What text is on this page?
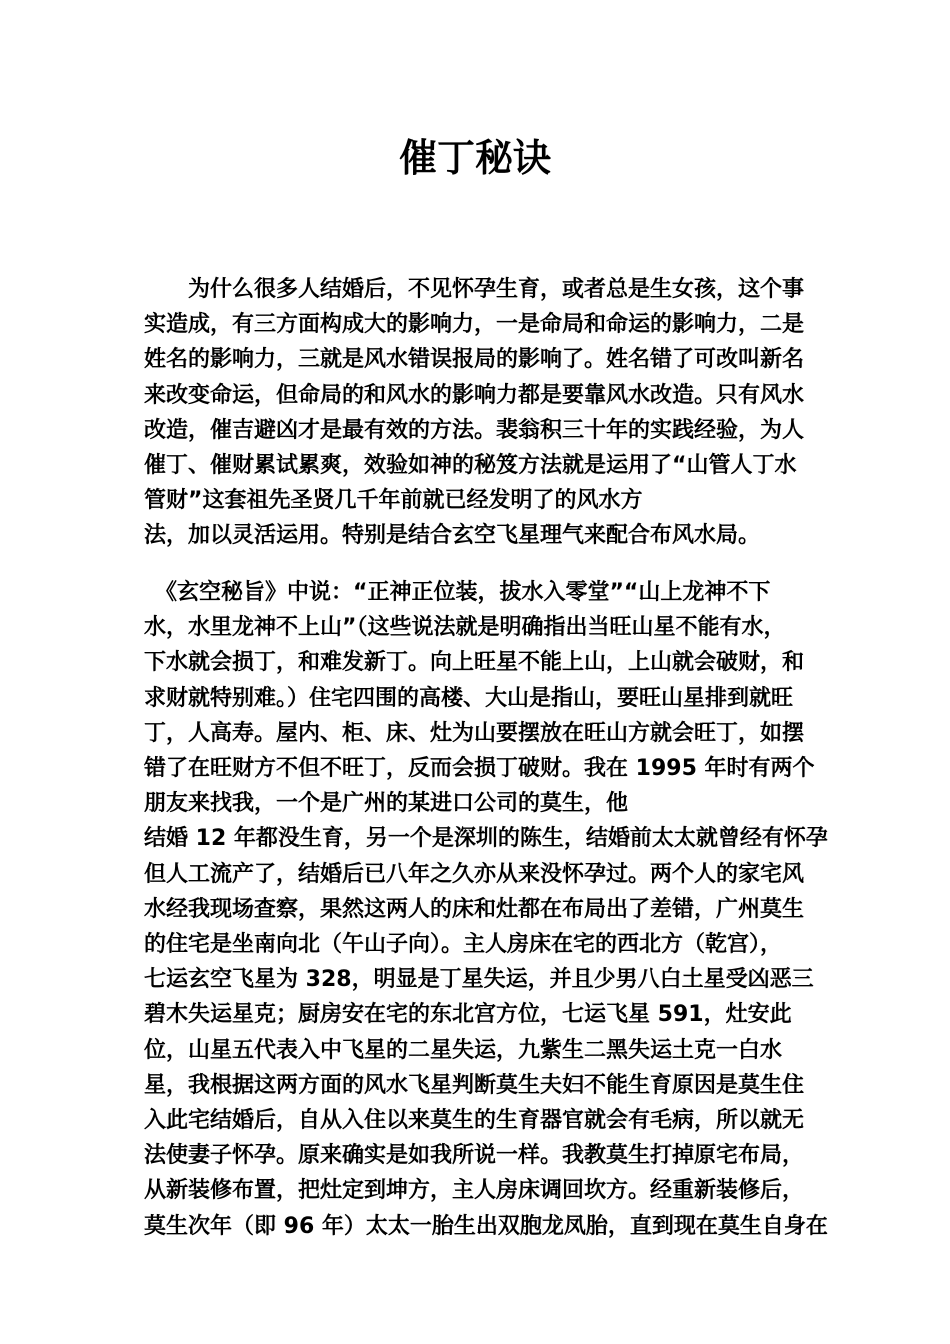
催丁秘诀
　　为什么很多人结婚后，不见怀孕生育，或者总是生女孩，这个事
实造成，有三方面构成大的影响力，一是命局和命运的影响力，二是
姓名的影响力，三就是风水错误报局的影响了。姓名错了可改叫新名
来改变命运，但命局的和风水的影响力都是要靠风水改造。只有风水
改造，催吉避凶才是最有效的方法。裴翁积三十年的实践经验，为人
催丁、催财累试累爽，效验如神的秘笈方法就是运用了“山管人丁水
管财”这套祖先圣贤几千年前就已经发明了的风水方
法，加以灵活运用。特别是结合玄空飞星理气来配合布风水局。
　《玄空秘旨》中说：“正神正位装，拔水入零堂”“山上龙神不下
水，水里龙神不上山”（这些说法就是明确指出当旺山星不能有水，
下水就会损丁，和难发新丁。向上旺星不能上山，上山就会破财，和
求财就特别难。）住宅四围的高楼、大山是指山，要旺山星排到就旺
丁，人高寿。屋内、柜、床、灶为山要摆放在旺山方就会旺丁，如摆
错了在旺财方不但不旺丁，反而会损丁破财。我在 1995 年时有两个
朋友来找我，一个是广州的某进口公司的莫生，他
结婚 12 年都没生育，另一个是深圳的陈生，结婚前太太就曾经有怀孕
但人工流产了，结婚后已八年之久亦从来没怀孕过。两个人的家宅风
水经我现场查察，果然这两人的床和灶都在布局出了差错，广州莫生
的住宅是坐南向北（午山子向）。主人房床在宅的西北方（乾宫），
七运玄空飞星为 328，明显是丁星失运，并且少男八白土星受凶恶三
碧木失运星克；厨房安在宅的东北宫方位，七运飞星 591，灶安此
位，山星五代表入中飞星的二星失运，九紫生二黑失运土克一白水
星，我根据这两方面的风水飞星判断莫生夫妇不能生育原因是莫生住
入此宅结婚后，自从入住以来莫生的生育器官就会有毛病，所以就无
法使妻子怀孕。原来确实是如我所说一样。我教莫生打掉原宅布局，
从新装修布置，把灶定到坤方，主人房床调回坎方。经重新装修后，
莫生次年（即 96 年）太太一胎生出双胞龙凤胎，直到现在莫生自身在
